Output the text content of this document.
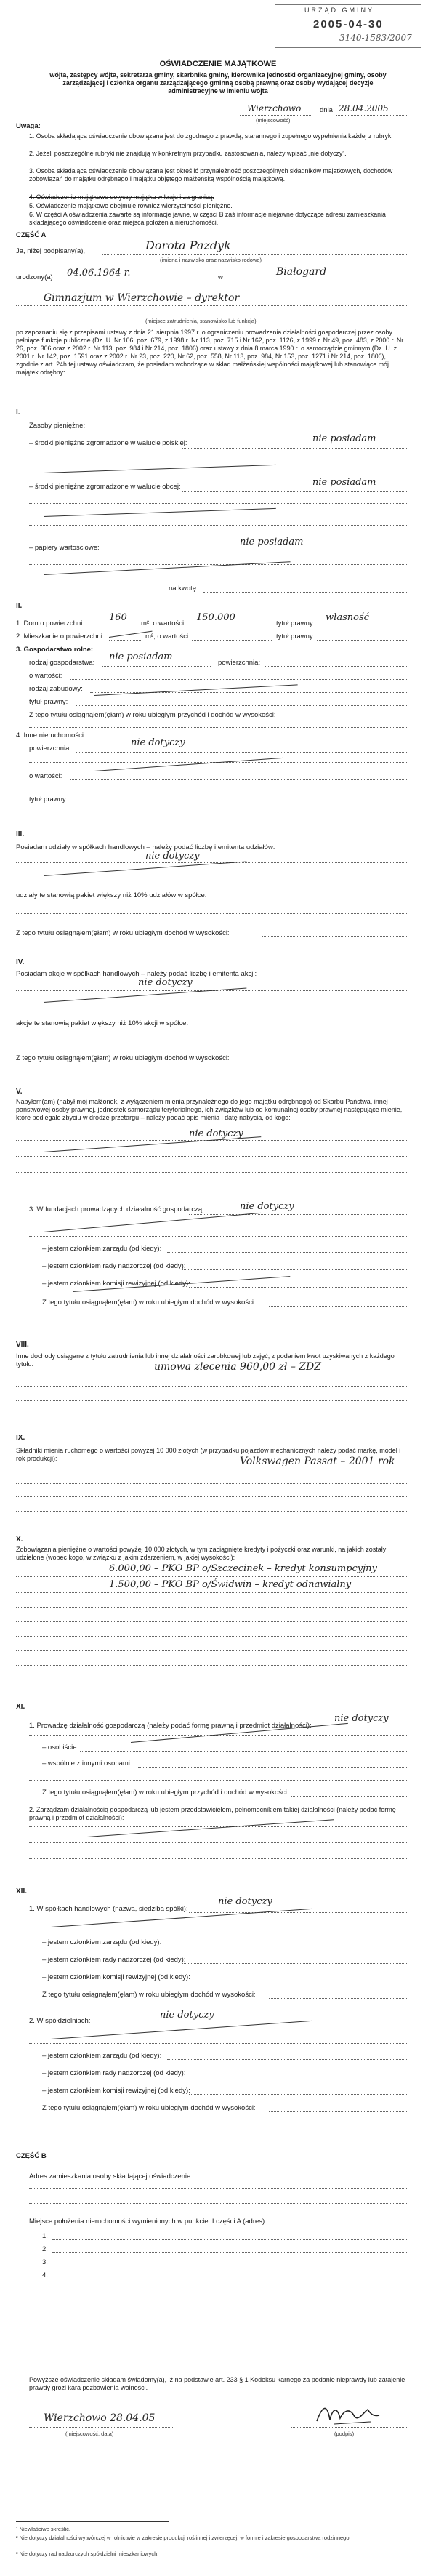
URZĄD GMINY
2005-04-30
3140-1583/2007
OŚWIADCZENIE MAJĄTKOWE
wójta, zastępcy wójta, sekretarza gminy, skarbnika gminy, kierownika jednostki organizacyjnej gminy, osoby zarządzającej i członka organu zarządzającego gminną osobą prawną oraz osoby wydającej decyzje administracyjne w imieniu wójta
Wierzchowo	dnia 28.04.2005
(miejscowość)
Uwaga:
1. Osoba składająca oświadczenie obowiązana jest do zgodnego z prawdą, starannego i zupełnego wypełnienia każdej z rubryk.
2. Jeżeli poszczególne rubryki nie znajdują w konkretnym przypadku zastosowania, należy wpisać „nie dotyczy”.
3. Osoba składająca oświadczenie obowiązana jest określić przynależność poszczególnych składników majątkowych, dochodów i zobowiązań do majątku odrębnego i majątku objętego małżeńską wspólnością majątkową.
4. Oświadczenie majątkowe dotyczy majątku w kraju i za granicą.
5. Oświadczenie majątkowe obejmuje również wierzytelności pieniężne.
6. W części A oświadczenia zawarte są informacje jawne, w części B zaś informacje niejawne dotyczące adresu zamieszkania składającego oświadczenie oraz miejsca położenia nieruchomości.
CZĘŚĆ A
Ja, niżej podpisany(a),	Dorota Pazdyk
(imiona i nazwisko oraz nazwisko rodowe)
urodzony(a) 04.06.1964 r.	w	Białogard
Gimnazjum w Wierzchowie – dyrektor
(miejsce zatrudnienia, stanowisko lub funkcja)
po zapoznaniu się z przepisami ustawy z dnia 21 sierpnia 1997 r. o ograniczeniu prowadzenia działalności gospodarczej przez osoby pełniące funkcje publiczne (Dz. U. Nr 106, poz. 679, z 1998 r. Nr 113, poz. 715 i Nr 162, poz. 1126, z 1999 r. Nr 49, poz. 483, z 2000 r. Nr 26, poz. 306 oraz z 2002 r. Nr 113, poz. 984 i Nr 214, poz. 1806) oraz ustawy z dnia 8 marca 1990 r. o samorządzie gminnym (Dz. U. z 2001 r. Nr 142, poz. 1591 oraz z 2002 r. Nr 23, poz. 220, Nr 62, poz. 558, Nr 113, poz. 984, Nr 153, poz. 1271 i Nr 214, poz. 1806), zgodnie z art. 24h tej ustawy oświadczam, że posiadam wchodzące w skład małżeńskiej wspólności majątkowej lub stanowiące mój majątek odrębny:
I.
Zasoby pieniężne:
– środki pieniężne zgromadzone w walucie polskiej:	nie posiadam
– środki pieniężne zgromadzone w walucie obcej:	nie posiadam
– papiery wartościowe:
nie posiadam
na kwotę:
II.
1. Dom o powierzchni:
160
m², o wartości:
150.000
tytuł prawny:
własność
2. Mieszkanie o powierzchni:	m², o wartości:	tytuł prawny:
3. Gospodarstwo rolne:
rodzaj gospodarstwa:
nie posiadam
powierzchnia:
o wartości:
rodzaj zabudowy:
tytuł prawny:
Z tego tytułu osiągnąłem(ęłam) w roku ubiegłym przychód i dochód w wysokości:
4. Inne nieruchomości:
powierzchnia:
nie dotyczy
o wartości:
tytuł prawny:
III.
Posiadam udziały w spółkach handlowych – należy podać liczbę i emitenta udziałów:
nie dotyczy
udziały te stanowią pakiet większy niż 10% udziałów w spółce:
Z tego tytułu osiągnąłem(ęłam) w roku ubiegłym dochód w wysokości:
IV.
Posiadam akcje w spółkach handlowych – należy podać liczbę i emitenta akcji:
nie dotyczy
akcje te stanowią pakiet większy niż 10% akcji w spółce:
Z tego tytułu osiągnąłem(ęłam) w roku ubiegłym dochód w wysokości:
V.
Nabyłem(am) (nabył mój małżonek, z wyłączeniem mienia przynależnego do jego majątku odrębnego) od Skarbu Państwa, innej państwowej osoby prawnej, jednostek samorządu terytorialnego, ich związków lub od komunalnej osoby prawnej następujące mienie, które podlegało zbyciu w drodze przetargu – należy podać opis mienia i datę nabycia, od kogo:
nie dotyczy
3. W fundacjach prowadzących działalność gospodarczą:	nie dotyczy
– jestem członkiem zarządu (od kiedy):
– jestem członkiem rady nadzorczej (od kiedy):
– jestem członkiem komisji rewizyjnej (od kiedy):
Z tego tytułu osiągnąłem(ęłam) w roku ubiegłym dochód w wysokości:
VIII.
Inne dochody osiągane z tytułu zatrudnienia lub innej działalności zarobkowej lub zajęć, z podaniem kwot uzyskiwanych z każdego tytułu:	umowa zlecenia 960,00 zł – ZDZ
IX.
Składniki mienia ruchomego o wartości powyżej 10 000 złotych (w przypadku pojazdów mechanicznych należy podać markę, model i rok produkcji):	Volkswagen Passat – 2001 rok
X.
Zobowiązania pieniężne o wartości powyżej 10 000 złotych, w tym zaciągnięte kredyty i pożyczki oraz warunki, na jakich zostały udzielone (wobec kogo, w związku z jakim zdarzeniem, w jakiej wysokości):
6.000,00 – PKO BP o/Szczecinek – kredyt konsumpcyjny
1.500,00 – PKO BP o/Świdwin – kredyt odnawialny
XI.
1. Prowadzę działalność gospodarczą (należy podać formę prawną i przedmiot działalności):
nie dotyczy
– osobiście
– wspólnie z innymi osobami
Z tego tytułu osiągnąłem(ęłam) w roku ubiegłym przychód i dochód w wysokości:
2. Zarządzam działalnością gospodarczą lub jestem przedstawicielem, pełnomocnikiem takiej działalności (należy podać formę prawną i przedmiot działalności):
XII.
1. W spółkach handlowych (nazwa, siedziba spółki):
nie dotyczy
– jestem członkiem zarządu (od kiedy):
– jestem członkiem rady nadzorczej (od kiedy):
– jestem członkiem komisji rewizyjnej (od kiedy):
Z tego tytułu osiągnąłem(ęłam) w roku ubiegłym dochód w wysokości:
2. W spółdzielniach:
nie dotyczy
– jestem członkiem zarządu (od kiedy):
– jestem członkiem rady nadzorczej (od kiedy):
– jestem członkiem komisji rewizyjnej (od kiedy):
Z tego tytułu osiągnąłem(ęłam) w roku ubiegłym dochód w wysokości:
CZĘŚĆ B
Adres zamieszkania osoby składającej oświadczenie:
Miejsce położenia nieruchomości wymienionych w punkcie II części A (adres):
1.
2.
3.
4.
Powyższe oświadczenie składam świadomy(a), iż na podstawie art. 233 § 1 Kodeksu karnego za podanie nieprawdy lub zatajenie prawdy grozi kara pozbawienia wolności.
Wierzchowo 28.04.05
(miejscowość, data)	(podpis)
¹ Niewłaściwe skreślić.
² Nie dotyczy działalności wytwórczej w rolnictwie w zakresie produkcji roślinnej i zwierzęcej, w formie i zakresie gospodarstwa rodzinnego.
³ Nie dotyczy rad nadzorczych spółdzielni mieszkaniowych.
